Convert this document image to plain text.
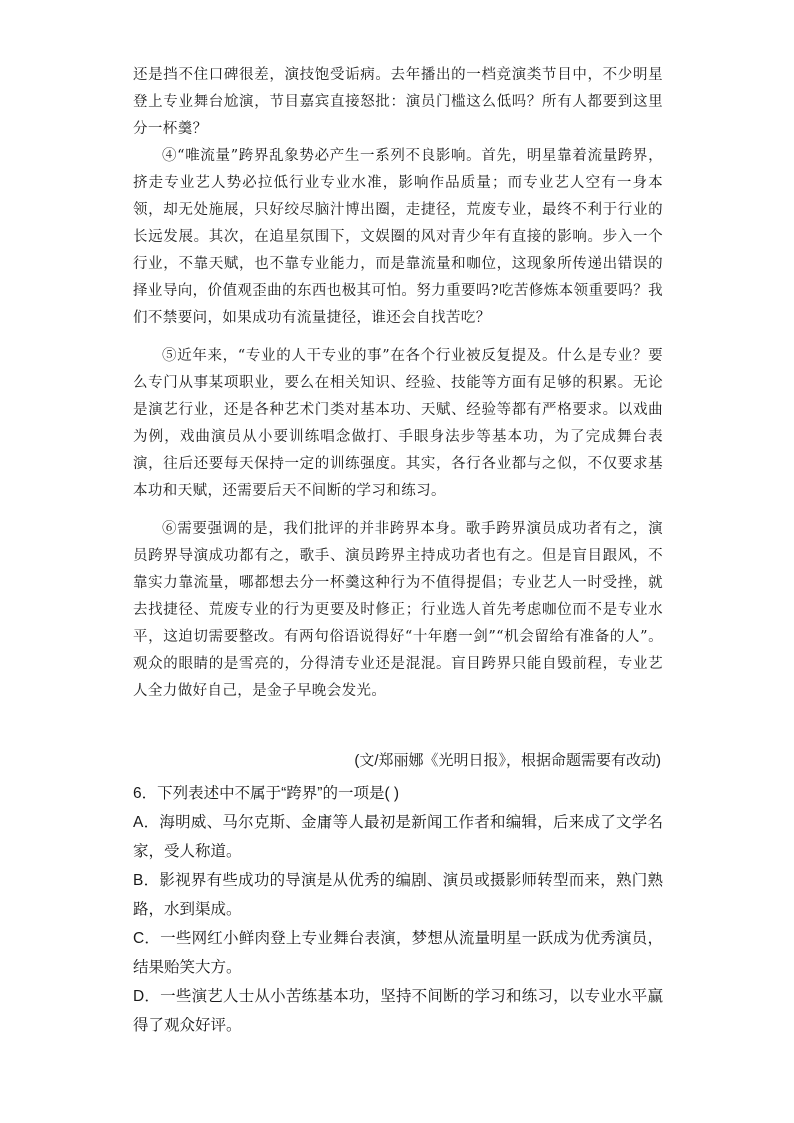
还是挡不住口碑很差，演技饱受诟病。去年播出的一档竞演类节目中，不少明星登上专业舞台尬演，节目嘉宾直接怒批：演员门槛这么低吗？所有人都要到这里分一杯羹？

④“唯流量”跨界乱象势必产生一系列不良影响。首先，明星靠着流量跨界，挤走专业艺人势必拉低行业专业水准，影响作品质量；而专业艺人空有一身本领，却无处施展，只好绞尽脑汁博出圈，走捷径，荒废专业，最终不利于行业的长远发展。其次，在追星氛围下，文娱圈的风对青少年有直接的影响。步入一个行业，不靠天赋，也不靠专业能力，而是靠流量和咖位，这现象所传递出错误的择业导向，价值观歪曲的东西也极其可怕。努力重要吗?吃苦修炼本领重要吗？我们不禁要问，如果成功有流量捷径，谁还会自找苦吃？

⑤近年来，“专业的人干专业的事”在各个行业被反复提及。什么是专业？要么专门从事某项职业，要么在相关知识、经验、技能等方面有足够的积累。无论是演艺行业，还是各种艺术门类对基本功、天赋、经验等都有严格要求。以戏曲为例，戏曲演员从小要训练唱念做打、手眼身法步等基本功，为了完成舞台表演，往后还要每天保持一定的训练强度。其实，各行各业都与之似，不仅要求基本功和天赋，还需要后天不间断的学习和练习。

⑥需要强调的是，我们批评的并非跨界本身。歌手跨界演员成功者有之，演员跨界导演成功都有之，歌手、演员跨界主持成功者也有之。但是盲目跟风，不靠实力靠流量，哪都想去分一杯羹这种行为不值得提倡；专业艺人一时受挫，就去找捷径、荒废专业的行为更要及时修正；行业选人首先考虑咖位而不是专业水平，这迫切需要整改。有两句俗语说得好“十年磨一剑”“机会留给有准备的人”。观众的眼睛的是雪亮的，分得清专业还是混混。盲目跨界只能自毁前程，专业艺人全力做好自己，是金子早晚会发光。

(文/郑丽娜《光明日报》，根据命题需要有改动)

6．下列表述中不属于“跨界”的一项是( )

A．海明威、马尔克斯、金庸等人最初是新闻工作者和编辑，后来成了文学名家，受人称道。

B．影视界有些成功的导演是从优秀的编剧、演员或摄影师转型而来，熟门熟路，水到渠成。

C．一些网红小鲜肉登上专业舞台表演，梦想从流量明星一跃成为优秀演员，结果贻笑大方。

D．一些演艺人士从小苦练基本功，坚持不间断的学习和练习，以专业水平赢得了观众好评。
